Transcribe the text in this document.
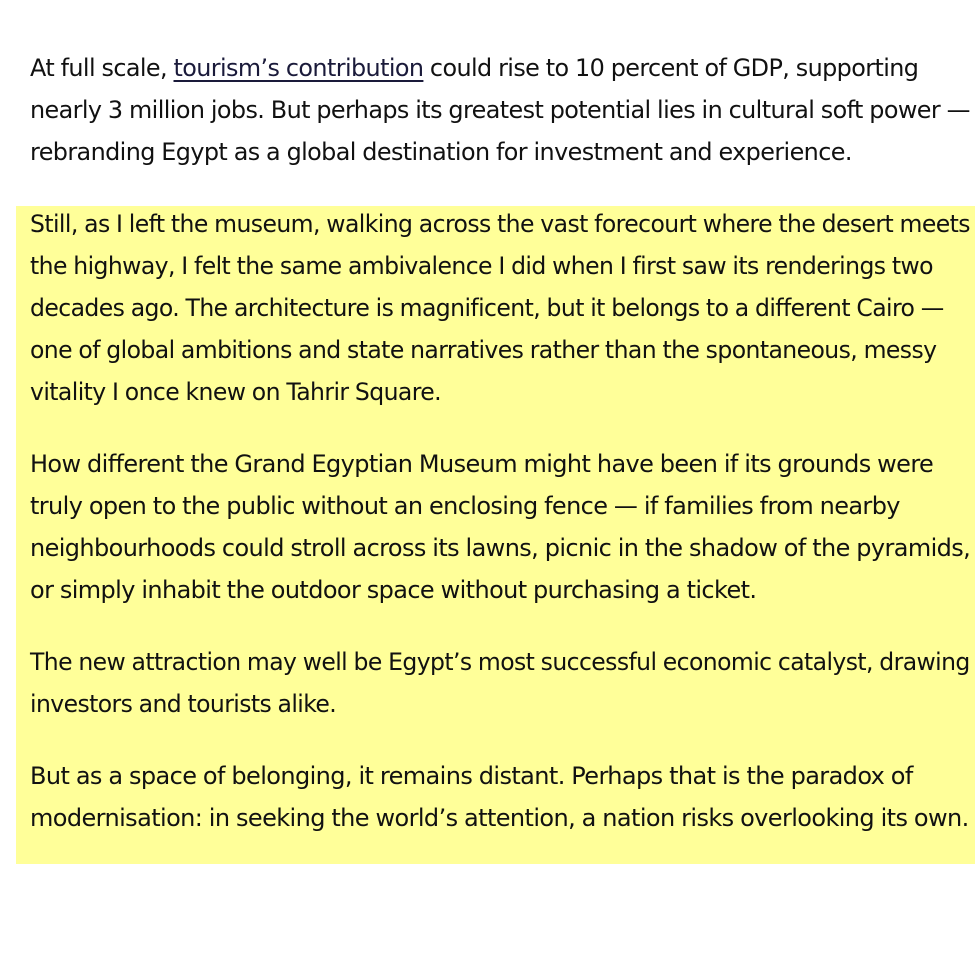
At full scale, tourism’s contribution could rise to 10 percent of GDP, supporting
nearly 3 million jobs. But perhaps its greatest potential lies in cultural soft power —
rebranding Egypt as a global destination for investment and experience.

Still, as I left the museum, walking across the vast forecourt where the desert meets
the highway, I felt the same ambivalence I did when I first saw its renderings two
decades ago. The architecture is magnificent, but it belongs to a different Cairo —
one of global ambitions and state narratives rather than the spontaneous, messy
vitality I once knew on Tahrir Square.

How different the Grand Egyptian Museum might have been if its grounds were
truly open to the public without an enclosing fence — if families from nearby
neighbourhoods could stroll across its lawns, picnic in the shadow of the pyramids,
or simply inhabit the outdoor space without purchasing a ticket.

The new attraction may well be Egypt’s most successful economic catalyst, drawing
investors and tourists alike.

But as a space of belonging, it remains distant. Perhaps that is the paradox of
modernisation: in seeking the world’s attention, a nation risks overlooking its own.
